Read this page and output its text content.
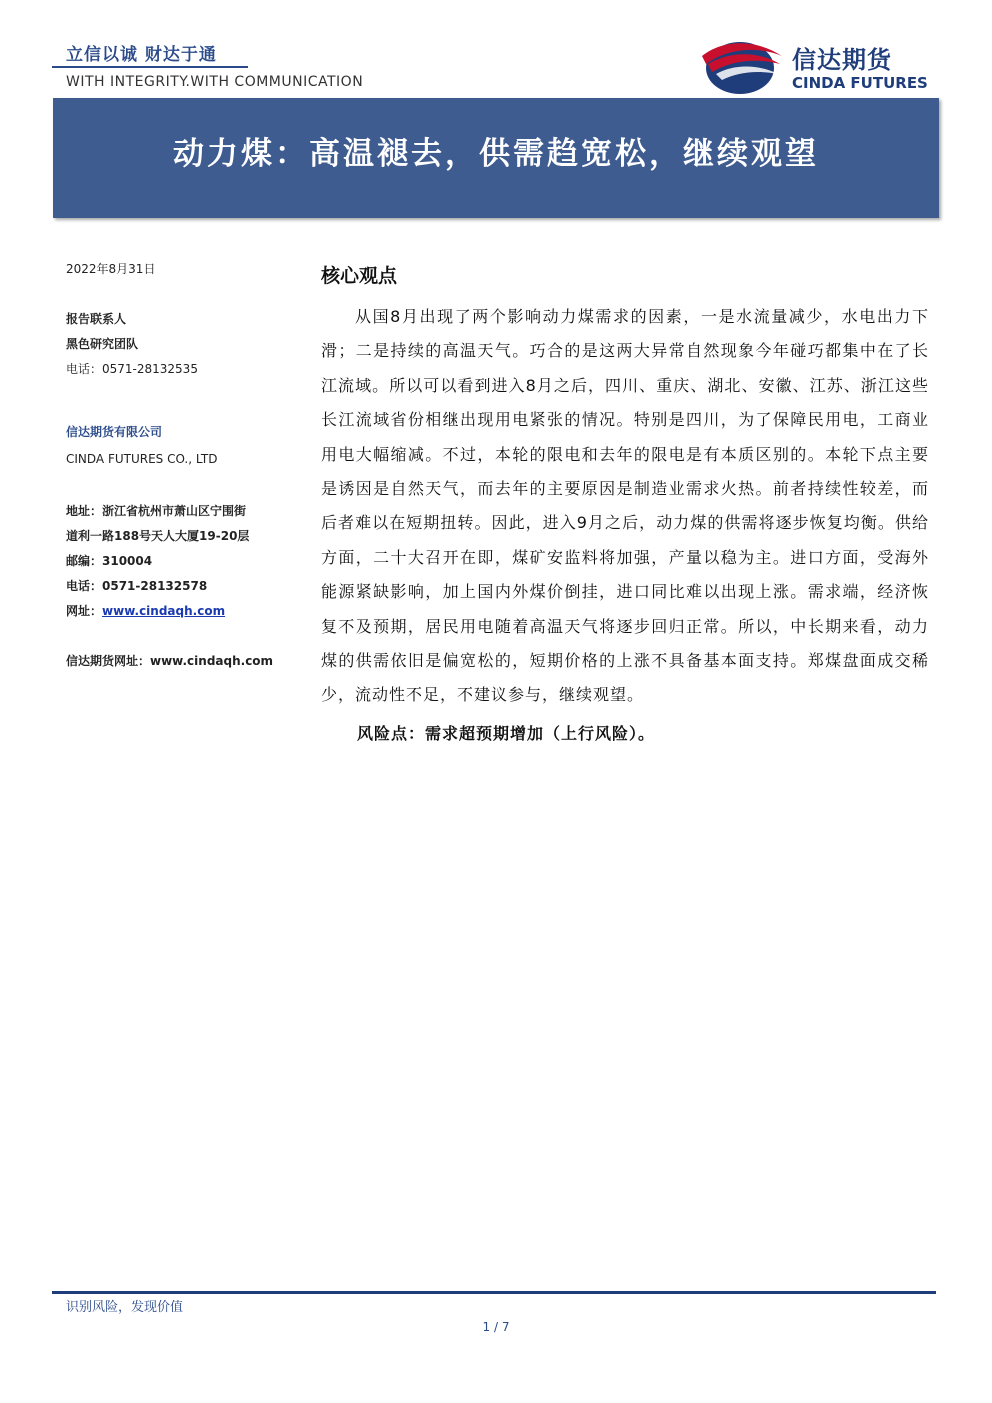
立信以诚 财达于通
WITH INTEGRITY.WITH COMMUNICATION
信达期货
CINDA FUTURES
动力煤：高温褪去，供需趋宽松，继续观望
2022年8月31日
报告联系人
黑色研究团队
电话：0571-28132535
信达期货有限公司
CINDA FUTURES CO., LTD
地址：浙江省杭州市萧山区宁围街
道利一路188号天人大厦19-20层
邮编：310004
电话：0571-28132578
网址：www.cindaqh.com
信达期货网址：www.cindaqh.com
核心观点

从国8月出现了两个影响动力煤需求的因素，一是水流量减少，水电出力下滑；二是持续的高温天气。巧合的是这两大异常自然现象今年碰巧都集中在了长江流域。所以可以看到进入8月之后，四川、重庆、湖北、安徽、江苏、浙江这些长江流域省份相继出现用电紧张的情况。特别是四川，为了保障民用电，工商业用电大幅缩减。不过，本轮的限电和去年的限电是有本质区别的。本轮下点主要是诱因是自然天气，而去年的主要原因是制造业需求火热。前者持续性较差，而后者难以在短期扭转。因此，进入9月之后，动力煤的供需将逐步恢复均衡。供给方面，二十大召开在即，煤矿安监料将加强，产量以稳为主。进口方面，受海外能源紧缺影响，加上国内外煤价倒挂，进口同比难以出现上涨。需求端，经济恢复不及预期，居民用电随着高温天气将逐步回归正常。所以，中长期来看，动力煤的供需依旧是偏宽松的，短期价格的上涨不具备基本面支持。郑煤盘面成交稀少，流动性不足，不建议参与，继续观望。

风险点：需求超预期增加（上行风险）。
识别风险，发现价值
1 / 7
